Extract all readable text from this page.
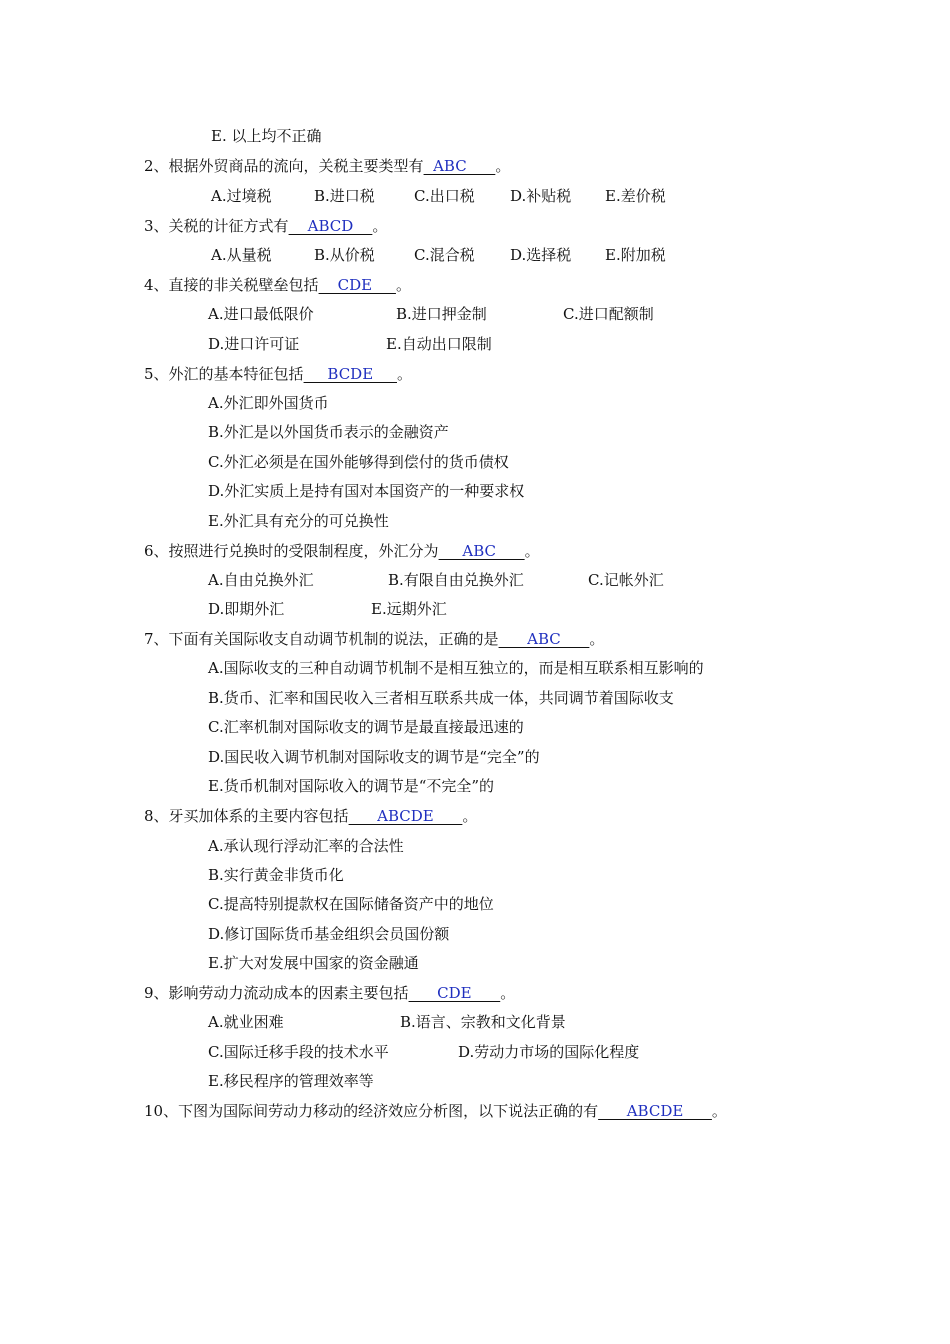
E. 以上均不正确
2、根据外贸商品的流向，关税主要类型有  ABC      。
A.过境税	B.进口税	C.出口税 D.补贴税 E.差价税
3、关税的计征方式有    ABCD    。
A.从量税	B.从价税	C.混合税 D.选择税 E.附加税
4、直接的非关税壁垒包括    CDE     。
A.进口最低限价	B.进口押金制	C.进口配额制
D.进口许可证	E.自动出口限制
5、外汇的基本特征包括     BCDE     。
A.外汇即外国货币
B.外汇是以外国货币表示的金融资产
C.外汇必须是在国外能够得到偿付的货币债权
D.外汇实质上是持有国对本国资产的一种要求权
E.外汇具有充分的可兑换性
6、按照进行兑换时的受限制程度，外汇分为     ABC      。
A.自由兑换外汇	B.有限自由兑换外汇	C.记帐外汇
D.即期外汇	E.远期外汇
7、下面有关国际收支自动调节机制的说法，正确的是      ABC      。
A.国际收支的三种自动调节机制不是相互独立的，而是相互联系相互影响的
B.货币、汇率和国民收入三者相互联系共成一体，共同调节着国际收支
C.汇率机制对国际收支的调节是最直接最迅速的
D.国民收入调节机制对国际收支的调节是“完全”的
E.货币机制对国际收入的调节是“不完全”的
8、牙买加体系的主要内容包括      ABCDE      。
A.承认现行浮动汇率的合法性
B.实行黄金非货币化
C.提高特别提款权在国际储备资产中的地位
D.修订国际货币基金组织会员国份额
E.扩大对发展中国家的资金融通
9、影响劳动力流动成本的因素主要包括      CDE      。
A.就业困难	B.语言、宗教和文化背景
C.国际迁移手段的技术水平	D.劳动力市场的国际化程度
E.移民程序的管理效率等
10、下图为国际间劳动力移动的经济效应分析图，以下说法正确的有      ABCDE      。
